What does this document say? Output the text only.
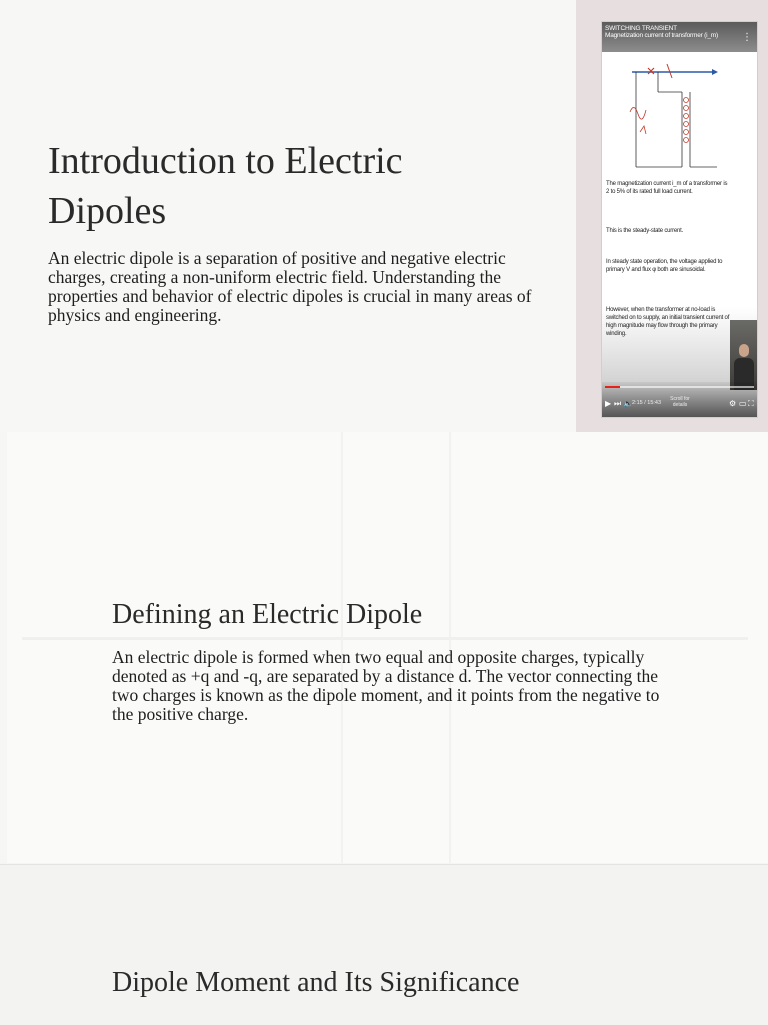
Introduction to Electric Dipoles

An electric dipole is a separation of positive and negative electric charges, creating a non-uniform electric field. Understanding the properties and behavior of electric dipoles is crucial in many areas of physics and engineering.

SWITCHING TRANSIENT
Magnetization current of transformer (i_m)	⋮

The magnetization current i_m of a transformer is 2 to 5% of its rated full load current.

This is the steady-state current.

In steady state operation, the voltage applied to primary V and flux φ both are sinusoidal.

However, when the transformer at no-load is switched on to supply, an initial transient current of high magnitude may flow through the primary winding.

▶ ⏭ 🔈 2:15 / 15:43
Scroll for details	⚙ ▭ ⛶
Defining an Electric Dipole

An electric dipole is formed when two equal and opposite charges, typically denoted as +q and -q, are separated by a distance d. The vector connecting the two charges is known as the dipole moment, and it points from the negative to the positive charge.

Dipole Moment and Its Significance
